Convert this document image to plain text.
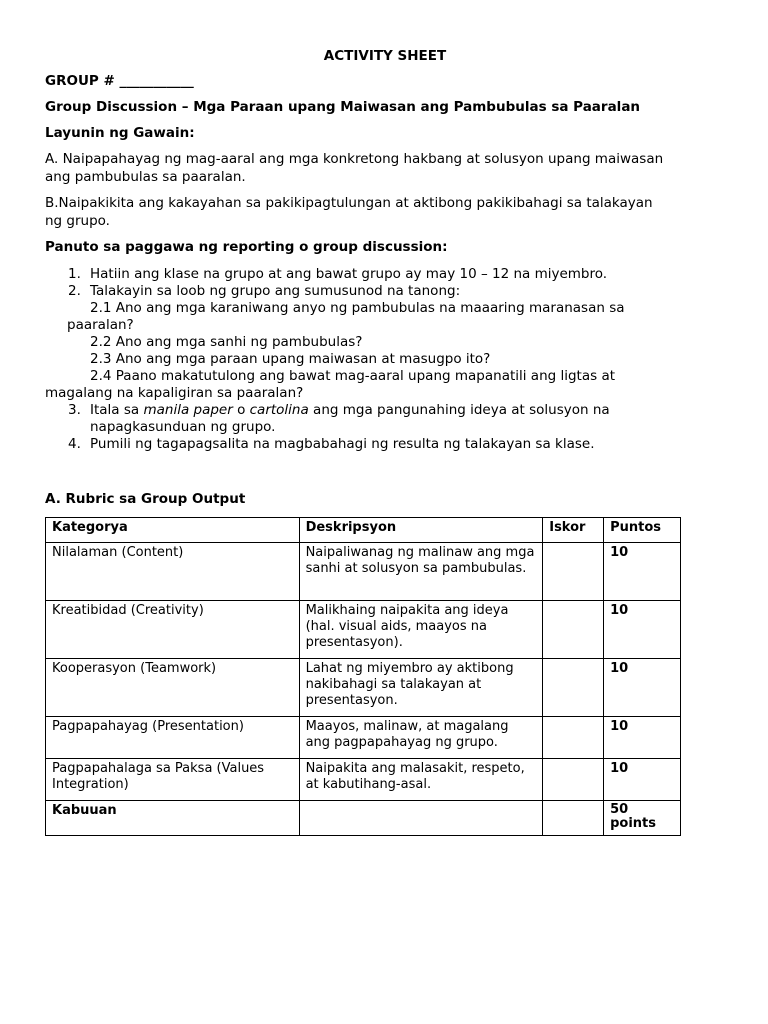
ACTIVITY SHEET
GROUP # ___________
Group Discussion – Mga Paraan upang Maiwasan ang Pambubulas sa Paaralan
Layunin ng Gawain:
A. Naipapahayag ng mag-aaral ang mga konkretong hakbang at solusyon upang maiwasan ang pambubulas sa paaralan.
B.Naipakikita ang kakayahan sa pakikipagtulungan at aktibong pakikibahagi sa talakayan ng grupo.
Panuto sa paggawa ng reporting o group discussion:
1. Hatiin ang klase na grupo at ang bawat grupo ay may 10 – 12 na miyembro.
2. Talakayin sa loob ng grupo ang sumusunod na tanong:
2.1 Ano ang mga karaniwang anyo ng pambubulas na maaaring maranasan sa
paaralan?
2.2 Ano ang mga sanhi ng pambubulas?
2.3 Ano ang mga paraan upang maiwasan at masugpo ito?
2.4 Paano makatutulong ang bawat mag-aaral upang mapanatili ang ligtas at
magalang na kapaligiran sa paaralan?
3. Itala sa manila paper o cartolina ang mga pangunahing ideya at solusyon na napagkasunduan ng grupo.
4. Pumili ng tagapagsalita na magbabahagi ng resulta ng talakayan sa klase.
A. Rubric sa Group Output
Kategorya	Deskripsyon	Iskor	Puntos
Nilalaman (Content)	Naipaliwanag ng malinaw ang mga sanhi at solusyon sa pambubulas.		10
Kreatibidad (Creativity)	Malikhaing naipakita ang ideya (hal. visual aids, maayos na presentasyon).		10
Kooperasyon (Teamwork)	Lahat ng miyembro ay aktibong nakibahagi sa talakayan at presentasyon.		10
Pagpapahayag (Presentation)	Maayos, malinaw, at magalang ang pagpapahayag ng grupo.		10
Pagpapahalaga sa Paksa (Values Integration)	Naipakita ang malasakit, respeto, at kabutihang-asal.		10
Kabuuan			50 points
